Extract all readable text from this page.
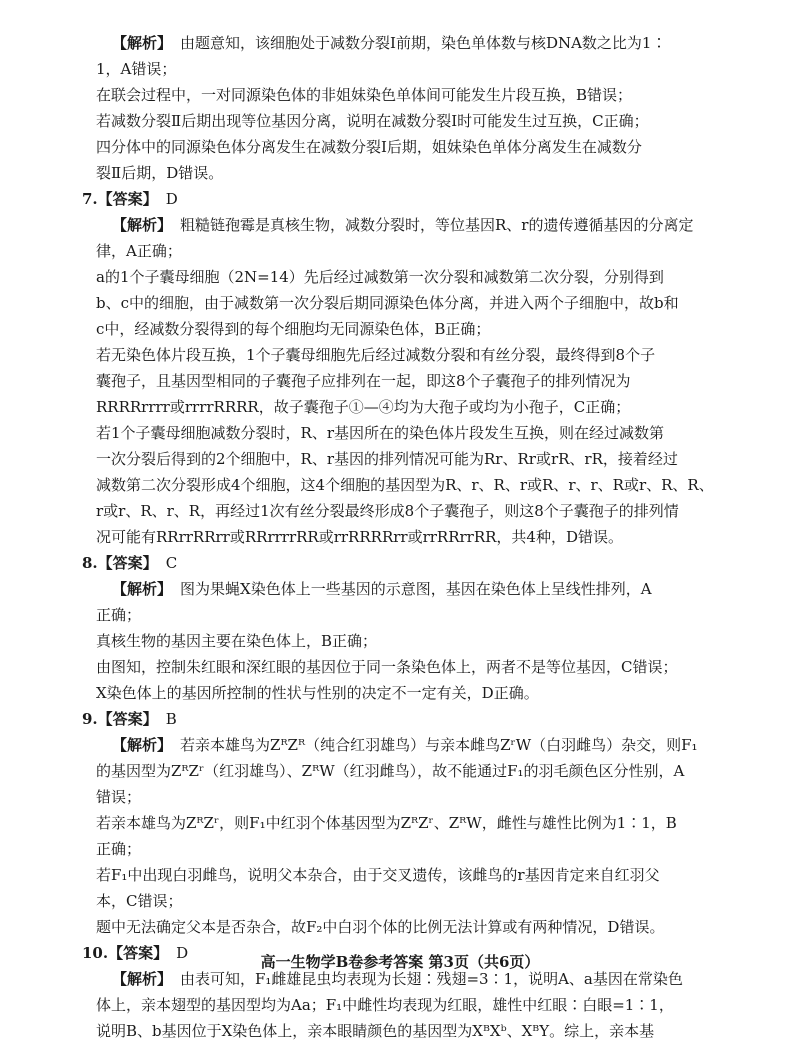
【解析】 由题意知，该细胞处于减数分裂Ⅰ前期，染色单体数与核DNA数之比为1∶
1，A错误；
在联会过程中，一对同源染色体的非姐妹染色单体间可能发生片段互换，B错误；
若减数分裂Ⅱ后期出现等位基因分离，说明在减数分裂Ⅰ时可能发生过互换，C正确；
四分体中的同源染色体分离发生在减数分裂Ⅰ后期，姐妹染色单体分离发生在减数分
裂Ⅱ后期，D错误。
7.【答案】 D
【解析】 粗糙链孢霉是真核生物，减数分裂时，等位基因R、r的遗传遵循基因的分离定
律，A正确；
a的1个子囊母细胞（2N=14）先后经过减数第一次分裂和减数第二次分裂，分别得到
b、c中的细胞，由于减数第一次分裂后期同源染色体分离，并进入两个子细胞中，故b和
c中，经减数分裂得到的每个细胞均无同源染色体，B正确；
若无染色体片段互换，1个子囊母细胞先后经过减数分裂和有丝分裂，最终得到8个子
囊孢子，且基因型相同的子囊孢子应排列在一起，即这8个子囊孢子的排列情况为
RRRRrrrr或rrrrRRRR，故子囊孢子①—④均为大孢子或均为小孢子，C正确；
若1个子囊母细胞减数分裂时，R、r基因所在的染色体片段发生互换，则在经过减数第
一次分裂后得到的2个细胞中，R、r基因的排列情况可能为Rr、Rr或rR、rR，接着经过
减数第二次分裂形成4个细胞，这4个细胞的基因型为R、r、R、r或R、r、r、R或r、R、R、
r或r、R、r、R，再经过1次有丝分裂最终形成8个子囊孢子，则这8个子囊孢子的排列情
况可能有RRrrRRrr或RRrrrrRR或rrRRRRrr或rrRRrrRR，共4种，D错误。
8.【答案】 C
【解析】 图为果蝇X染色体上一些基因的示意图，基因在染色体上呈线性排列，A
正确；
真核生物的基因主要在染色体上，B正确；
由图知，控制朱红眼和深红眼的基因位于同一条染色体上，两者不是等位基因，C错误；
X染色体上的基因所控制的性状与性别的决定不一定有关，D正确。
9.【答案】 B
【解析】 若亲本雄鸟为ZᴿZᴿ（纯合红羽雄鸟）与亲本雌鸟ZʳW（白羽雌鸟）杂交，则F₁
的基因型为ZᴿZʳ（红羽雄鸟）、ZᴿW（红羽雌鸟），故不能通过F₁的羽毛颜色区分性别，A
错误；
若亲本雄鸟为ZᴿZʳ，则F₁中红羽个体基因型为ZᴿZʳ、ZᴿW，雌性与雄性比例为1∶1，B
正确；
若F₁中出现白羽雌鸟，说明父本杂合，由于交叉遗传，该雌鸟的r基因肯定来自红羽父
本，C错误；
题中无法确定父本是否杂合，故F₂中白羽个体的比例无法计算或有两种情况，D错误。
10.【答案】 D
【解析】 由表可知，F₁雌雄昆虫均表现为长翅∶残翅=3∶1，说明A、a基因在常染色
体上，亲本翅型的基因型均为Aa；F₁中雌性均表现为红眼，雄性中红眼∶白眼=1∶1，
说明B、b基因位于X染色体上，亲本眼睛颜色的基因型为XᴮXᵇ、XᴮY。综上，亲本基
高一生物学B卷参考答案 第3页（共6页）
